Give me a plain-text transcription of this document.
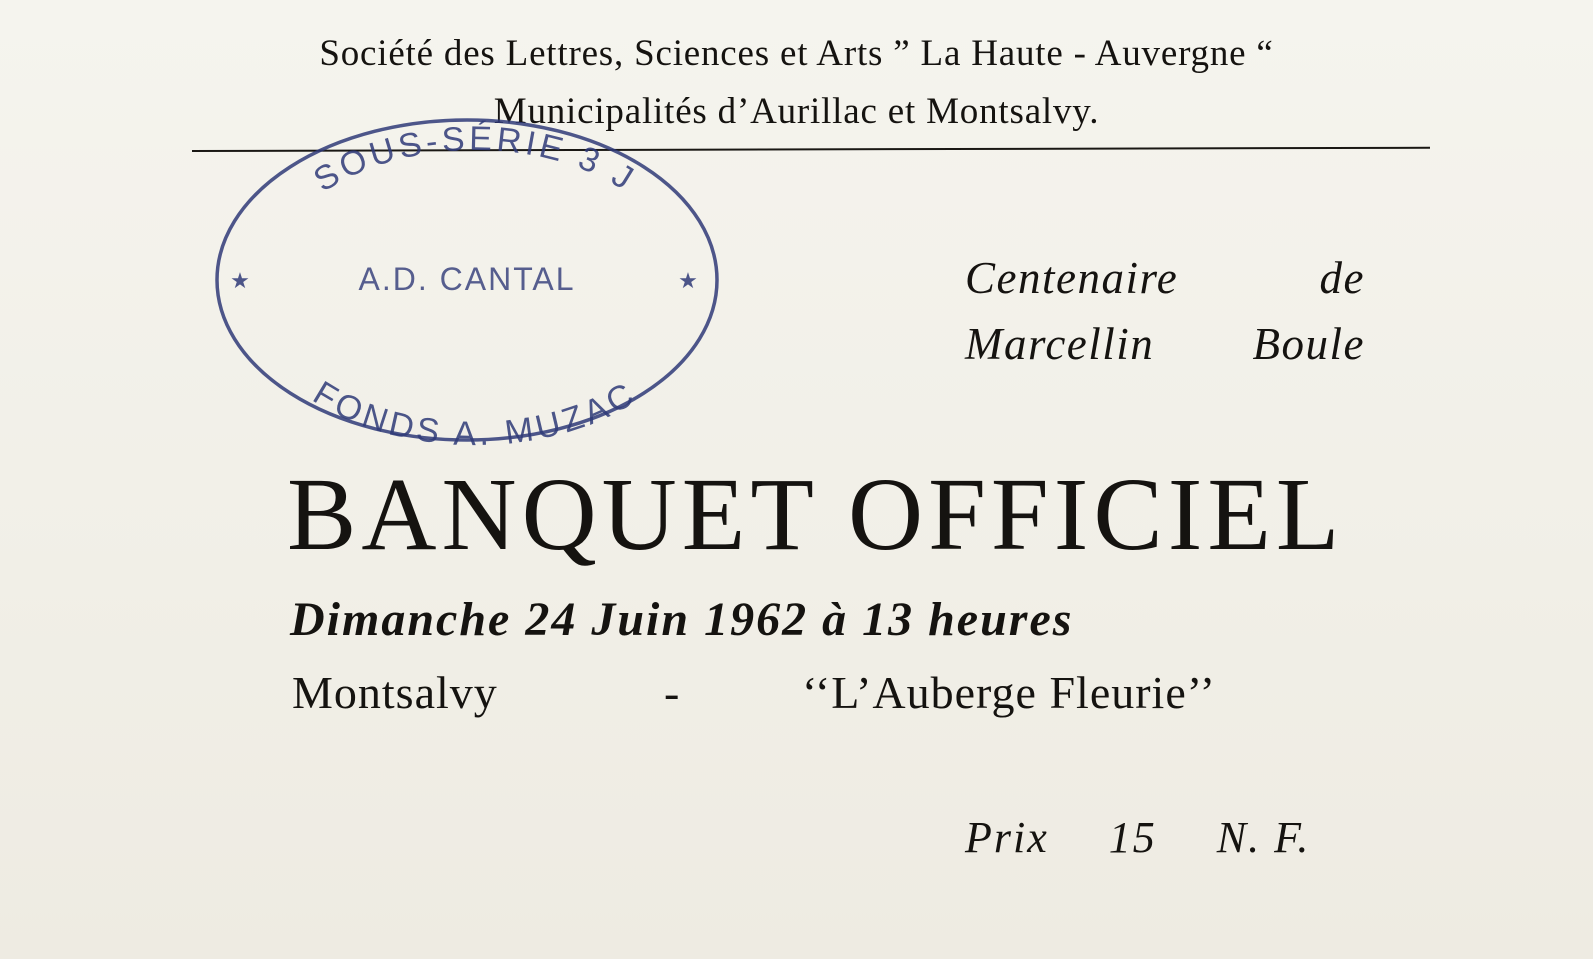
Société des Lettres, Sciences et Arts ” La Haute - Auvergne “
Municipalités d’Aurillac et Montsalvy.
SOUS-SÉRIE 3 J
A.D. CANTAL
FONDS A. MUZAC
★	★	Centenaire	de
Marcellin Boule
BANQUET OFFICIEL
Dimanche 24 Juin 1962 à 13 heures
Montsalvy	-	‘‘L’Auberge Fleurie’’
Prix 15 N. F.
